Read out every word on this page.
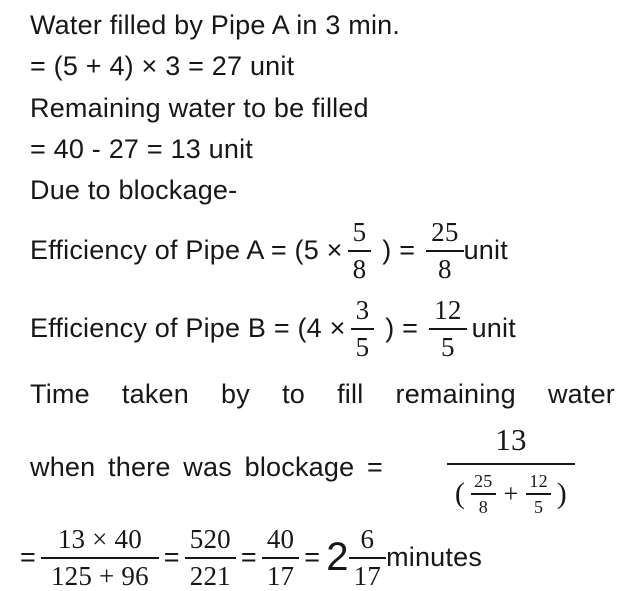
Water filled by Pipe A in 3 min.
= (5 + 4) × 3 = 27 unit
Remaining water to be filled
= 40 - 27 = 13 unit
Due to blockage-
Efficiency of Pipe $A = (5 \times \frac{5}{8}$ ) = $\frac{25}{8}$ unit
Efficiency of Pipe $B = (4 \times \frac{3}{5}$ ) = $\frac{12}{5}$ unit
Time taken by to fill remaining water
when there was blockage =
13
( $\frac{25}{8} + \frac{12}{5}$ )
= $\frac{13 \times 40}{125 + 96} = \frac{520}{221} = \frac{40}{17} = 2 \frac{6}{17}$ minutes
